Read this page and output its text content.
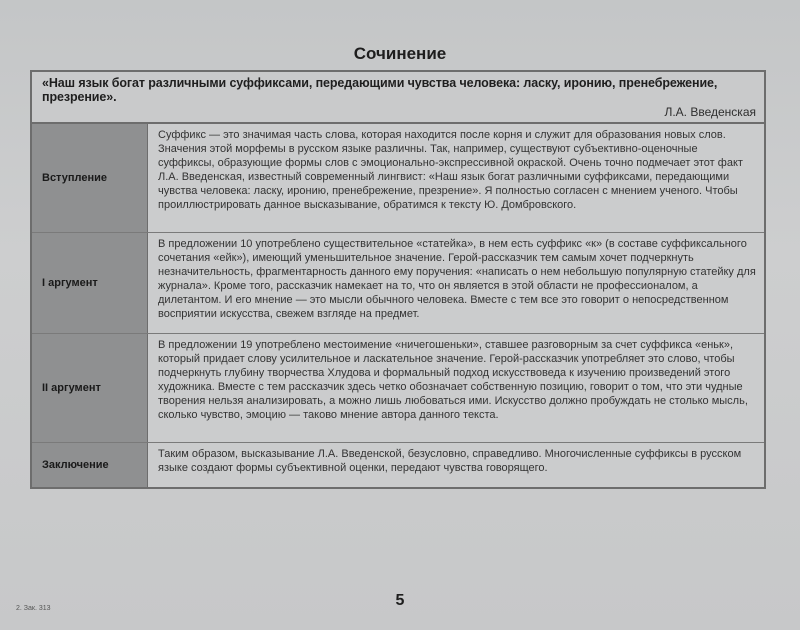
Сочинение
«Наш язык богат различными суффиксами, передающими чувства человека: ласку, иронию, пренебрежение, презрение».
Л.А. Введенская
Вступление
Суффикс — это значимая часть слова, которая находится после корня и служит для образования новых слов. Значения этой морфемы в русском языке различны. Так, например, существуют субъективно-оценочные суффиксы, образующие формы слов с эмоционально-экспрессивной окраской. Очень точно подмечает этот факт Л.А. Введенская, известный современный лингвист: «Наш язык богат различными суффиксами, передающими чувства человека: ласку, иронию, пренебрежение, презрение». Я полностью согласен с мнением ученого. Чтобы проиллюстрировать данное высказывание, обратимся к тексту Ю. Домбровского.
I аргумент
В предложении 10 употреблено существительное «статейка», в нем есть суффикс «к» (в составе суффиксального сочетания «ейк»), имеющий уменьшительное значение. Герой-рассказчик тем самым хочет подчеркнуть незначительность, фрагментарность данного ему поручения: «написать о нем небольшую популярную статейку для журнала». Кроме того, рассказчик намекает на то, что он является в этой области не профессионалом, а дилетантом. И его мнение — это мысли обычного человека. Вместе с тем все это говорит о непосредственном восприятии искусства, свежем взгляде на предмет.
II аргумент
В предложении 19 употреблено местоимение «ничегошеньки», ставшее разговорным за счет суффикса «еньк», который придает слову усилительное и ласкательное значение. Герой-рассказчик употребляет это слово, чтобы подчеркнуть глубину творчества Хлудова и формальный подход искусствоведа к изучению произведений этого художника. Вместе с тем рассказчик здесь четко обозначает собственную позицию, говорит о том, что эти чудные творения нельзя анализировать, а можно лишь любоваться ими. Искусство должно пробуждать не столько мысль, сколько чувство, эмоцию — таково мнение автора данного текста.
Заключение
Таким образом, высказывание Л.А. Введенской, безусловно, справедливо. Многочисленные суффиксы в русском языке создают формы субъективной оценки, передают чувства говорящего.
5
2. Зак. 313
